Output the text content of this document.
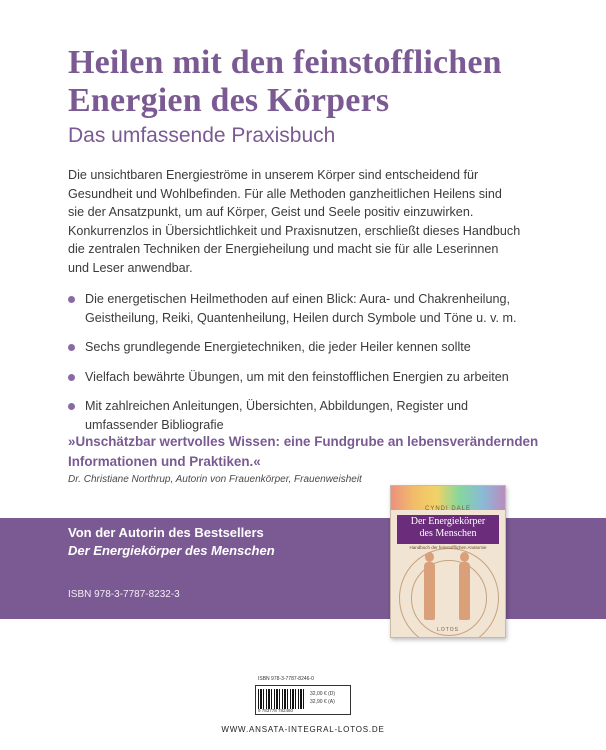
Heilen mit den feinstofflichen
Energien des Körpers
Das umfassende Praxisbuch
Die unsichtbaren Energieströme in unserem Körper sind entscheidend für
Gesundheit und Wohlbefinden. Für alle Methoden ganzheitlichen Heilens sind
sie der Ansatzpunkt, um auf Körper, Geist und Seele positiv einzuwirken.
Konkurrenzlos in Übersichtlichkeit und Praxisnutzen, erschließt dieses Handbuch
die zentralen Techniken der Energieheilung und macht sie für alle Leserinnen
und Leser anwendbar.
Die energetischen Heilmethoden auf einen Blick: Aura- und Chakrenheilung,
Geistheilung, Reiki, Quantenheilung, Heilen durch Symbole und Töne u. v. m.
Sechs grundlegende Energietechniken, die jeder Heiler kennen sollte
Vielfach bewährte Übungen, um mit den feinstofflichen Energien zu arbeiten
Mit zahlreichen Anleitungen, Übersichten, Abbildungen, Register und
umfassender Bibliografie
»Unschätzbar wertvolles Wissen: eine Fundgrube an lebensverändernden
Informationen und Praktiken.«
Dr. Christiane Northrup, Autorin von Frauenkörper, Frauenweisheit
Von der Autorin des Bestsellers
Der Energiekörper des Menschen
ISBN 978-3-7787-8232-3
CYNDI DALE
Der Energiekörper
des Menschen
Handbuch der feinstofflichen Anatomie
LOTOS
ISBN 978-3-7787-8246-0
9 783778 782460
32,00 € (D)
32,90 € (A)
WWW.ANSATA-INTEGRAL-LOTOS.DE
